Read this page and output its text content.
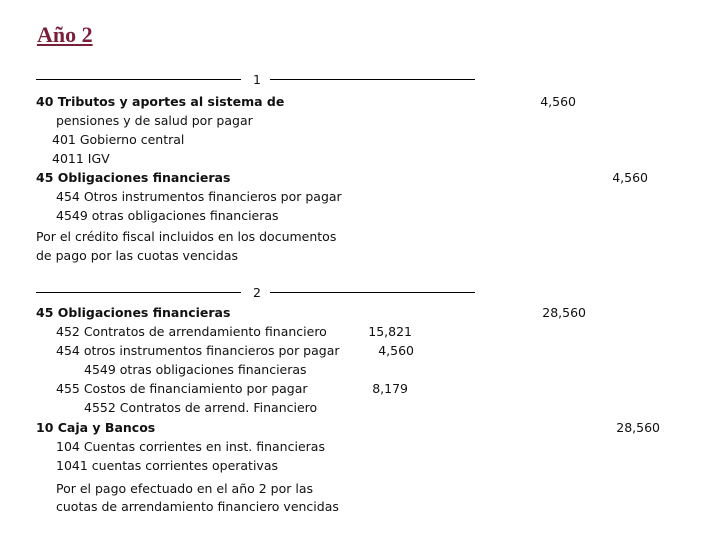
Año 2
1
40 Tributos y aportes al sistema de
pensiones y de salud por pagar
401 Gobierno central
4011 IGV
45 Obligaciones financieras
454 Otros instrumentos financieros por pagar
4549 otras obligaciones financieras
Por el crédito fiscal incluidos en los documentos
de pago por las cuotas vencidas
4,560
4,560
2
45 Obligaciones financieras
452 Contratos de arrendamiento financiero
454 otros instrumentos financieros por pagar
4549 otras obligaciones financieras
455 Costos de financiamiento por pagar
4552 Contratos de arrend. Financiero
10 Caja y Bancos
104 Cuentas corrientes en inst. financieras
1041 cuentas corrientes operativas
Por el pago efectuado en el año 2 por las
cuotas de arrendamiento financiero vencidas
15,821
4,560
8,179
28,560
28,560
